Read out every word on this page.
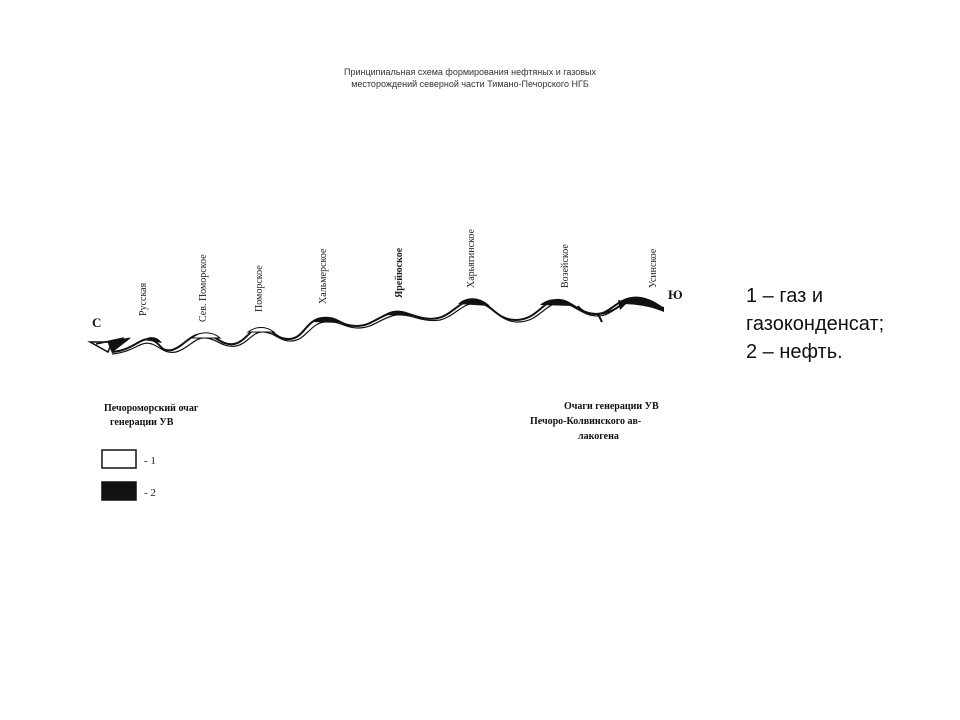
Принципиальная схема формирования нефтяных и газовых
месторождений северной части Тимано-Печорского НГБ
С
Ю
Русская	Сев. Поморское	Поморское	Хальмерское	Ярейюское	Харьягинское	Возейское	Усинское
Печороморский очаг
генерации УВ
Очаги генерации УВ
Печоро-Колвинского ав-
лакогена
- 1
- 2
1 – газ и
газоконденсат;
2 – нефть.
